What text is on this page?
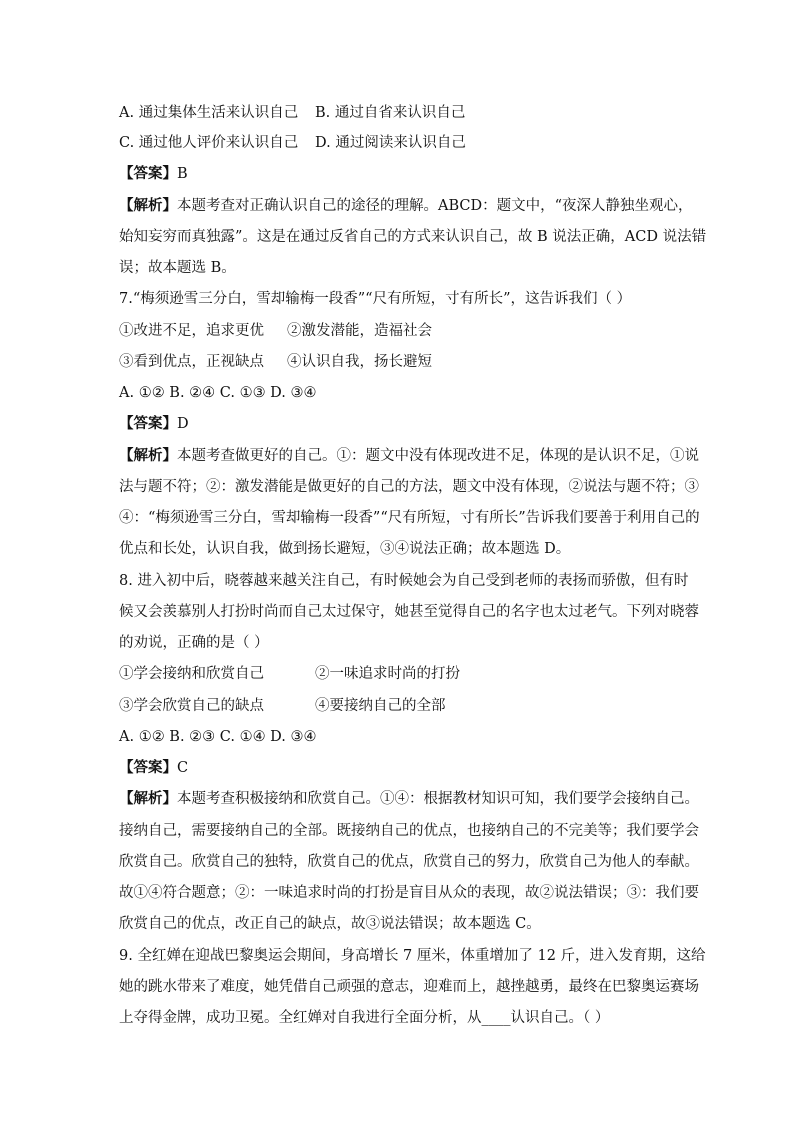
A. 通过集体生活来认识自己 B. 通过自省来认识自己
C. 通过他人评价来认识自己 D. 通过阅读来认识自己
【答案】B
【解析】本题考查对正确认识自己的途径的理解。ABCD：题文中，“夜深人静独坐观心，
始知妄穷而真独露”。这是在通过反省自己的方式来认识自己，故 B 说法正确，ACD 说法错
误；故本题选 B。
7.“梅须逊雪三分白，雪却输梅一段香”“尺有所短，寸有所长”，这告诉我们（ ）
①改进不足，追求更优 ②激发潜能，造福社会
③看到优点，正视缺点 ④认识自我，扬长避短
A. ①② B. ②④ C. ①③ D. ③④
【答案】D
【解析】本题考查做更好的自己。①：题文中没有体现改进不足，体现的是认识不足，①说
法与题不符；②：激发潜能是做更好的自己的方法，题文中没有体现，②说法与题不符；③
④：“梅须逊雪三分白，雪却输梅一段香”“尺有所短，寸有所长”告诉我们要善于利用自己的
优点和长处，认识自我，做到扬长避短，③④说法正确；故本题选 D。
8. 进入初中后，晓蓉越来越关注自己，有时候她会为自己受到老师的表扬而骄傲，但有时
候又会羡慕别人打扮时尚而自己太过保守，她甚至觉得自己的名字也太过老气。下列对晓蓉
的劝说，正确的是（ ）
①学会接纳和欣赏自己	②一味追求时尚的打扮
③学会欣赏自己的缺点	④要接纳自己的全部
A. ①② B. ②③ C. ①④ D. ③④
【答案】C
【解析】本题考查积极接纳和欣赏自己。①④：根据教材知识可知，我们要学会接纳自己。
接纳自己，需要接纳自己的全部。既接纳自己的优点，也接纳自己的不完美等；我们要学会
欣赏自己。欣赏自己的独特，欣赏自己的优点，欣赏自己的努力，欣赏自己为他人的奉献。
故①④符合题意；②：一味追求时尚的打扮是盲目从众的表现，故②说法错误；③：我们要
欣赏自己的优点，改正自己的缺点，故③说法错误；故本题选 C。
9. 全红婵在迎战巴黎奥运会期间，身高增长 7 厘米，体重增加了 12 斤，进入发育期，这给
她的跳水带来了难度，她凭借自己顽强的意志，迎难而上，越挫越勇，最终在巴黎奥运赛场
上夺得金牌，成功卫冕。全红婵对自我进行全面分析，从____认识自己。（ ）
